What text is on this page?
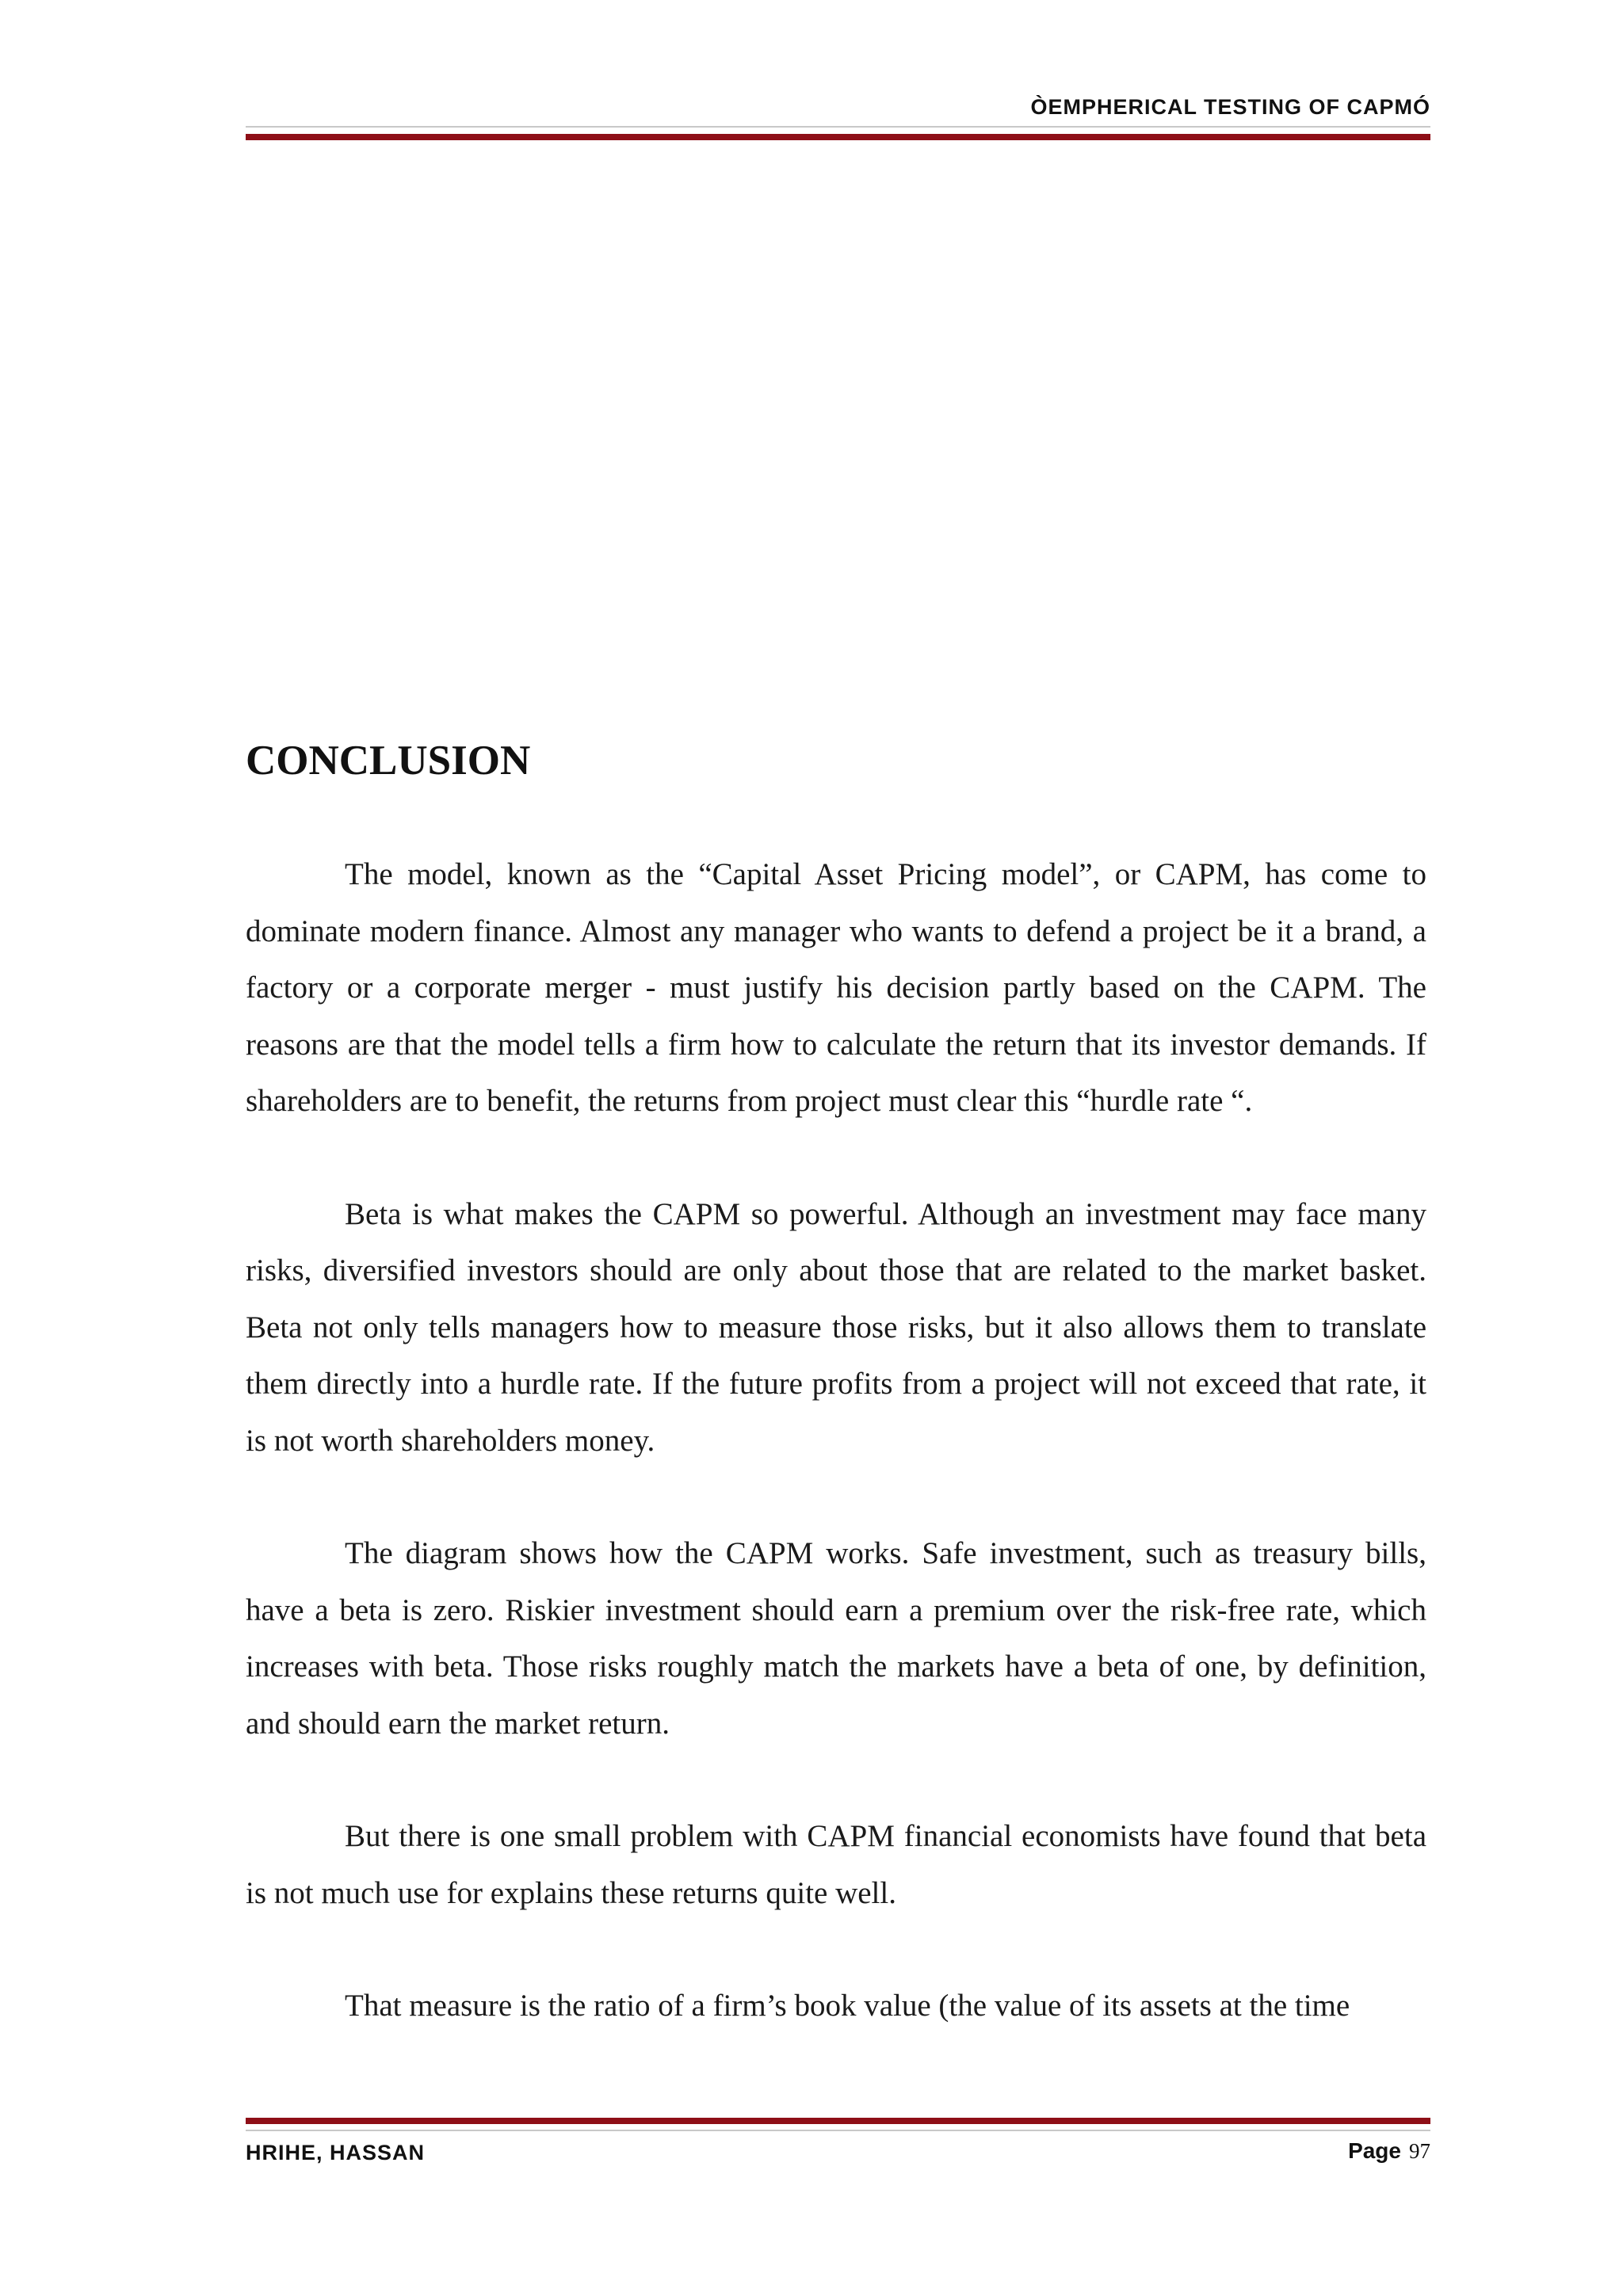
ÒEMPHERICAL TESTING OF CAPMÓ
CONCLUSION

The model, known as the “Capital Asset Pricing model”, or CAPM, has come to dominate modern finance. Almost any manager who wants to defend a project be it a brand, a factory or a corporate merger - must justify his decision partly based on the CAPM. The reasons are that the model tells a firm how to calculate the return that its investor demands. If shareholders are to benefit, the returns from project must clear this “hurdle rate “.

Beta is what makes the CAPM so powerful. Although an investment may face many risks, diversified investors should are only about those that are related to the market basket. Beta not only tells managers how to measure those risks, but it also allows them to translate them directly into a hurdle rate. If the future profits from a project will not exceed that rate, it is not worth shareholders money.

The diagram shows how the CAPM works. Safe investment, such as treasury bills, have a beta is zero. Riskier investment should earn a premium over the risk-free rate, which increases with beta. Those risks roughly match the markets have a beta of one, by definition, and should earn the market return.

But there is one small problem with CAPM financial economists have found that beta is not much use for explains these returns quite well.

That measure is the ratio of a firm’s book value (the value of its assets at the time

HRIHE, HASSAN	Page 97
